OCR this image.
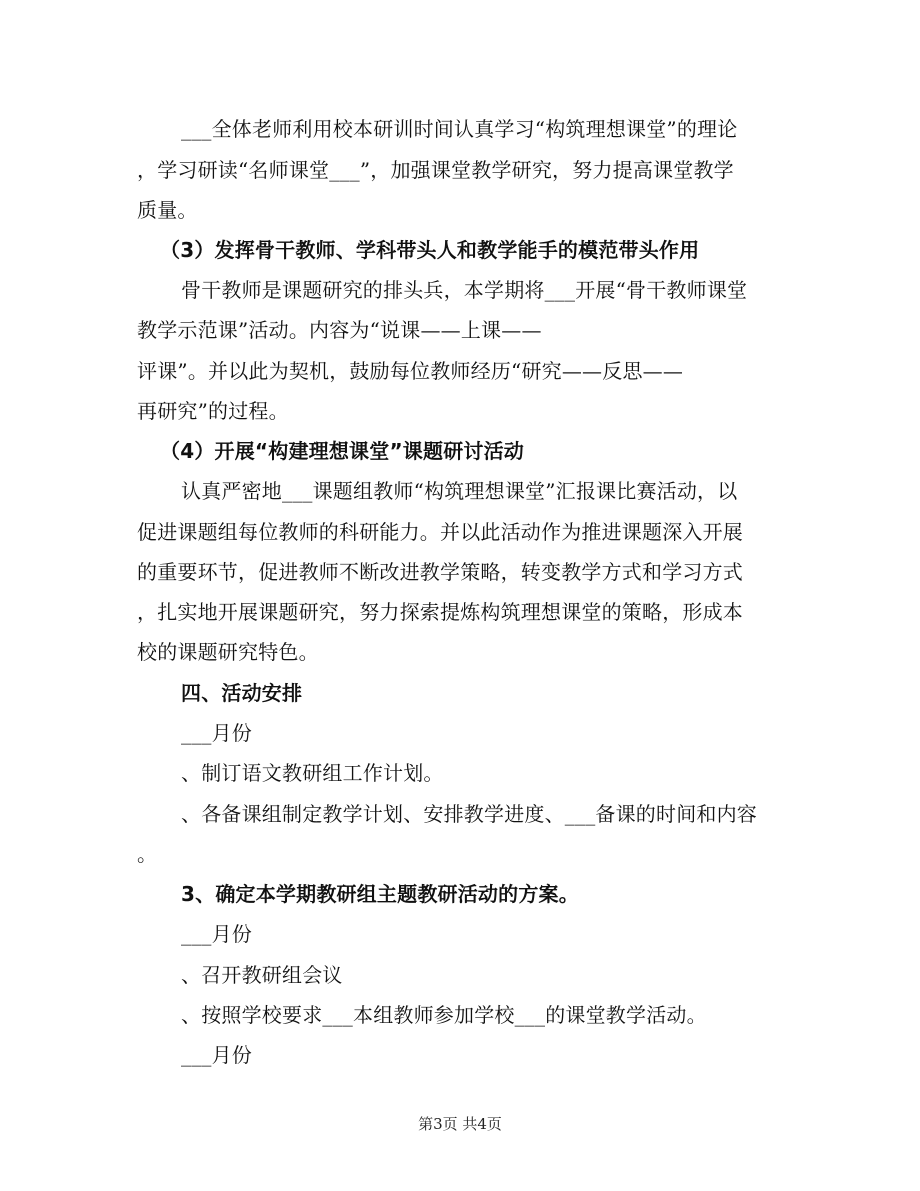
___全体老师利用校本研训时间认真学习“构筑理想课堂”的理论
，学习研读“名师课堂___”，加强课堂教学研究，努力提高课堂教学
质量。
（3）发挥骨干教师、学科带头人和教学能手的模范带头作用
骨干教师是课题研究的排头兵，本学期将___开展“骨干教师课堂
教学示范课”活动。内容为“说课——上课——
评课”。并以此为契机，鼓励每位教师经历“研究——反思——
再研究”的过程。
（4）开展“构建理想课堂”课题研讨活动
认真严密地___课题组教师“构筑理想课堂”汇报课比赛活动，以
促进课题组每位教师的科研能力。并以此活动作为推进课题深入开展
的重要环节，促进教师不断改进教学策略，转变教学方式和学习方式
，扎实地开展课题研究，努力探索提炼构筑理想课堂的策略，形成本
校的课题研究特色。
四、活动安排
___月份
、制订语文教研组工作计划。
、各备课组制定教学计划、安排教学进度、___备课的时间和内容
。
3、确定本学期教研组主题教研活动的方案。
___月份
、召开教研组会议
、按照学校要求___本组教师参加学校___的课堂教学活动。
___月份
第3页 共4页
